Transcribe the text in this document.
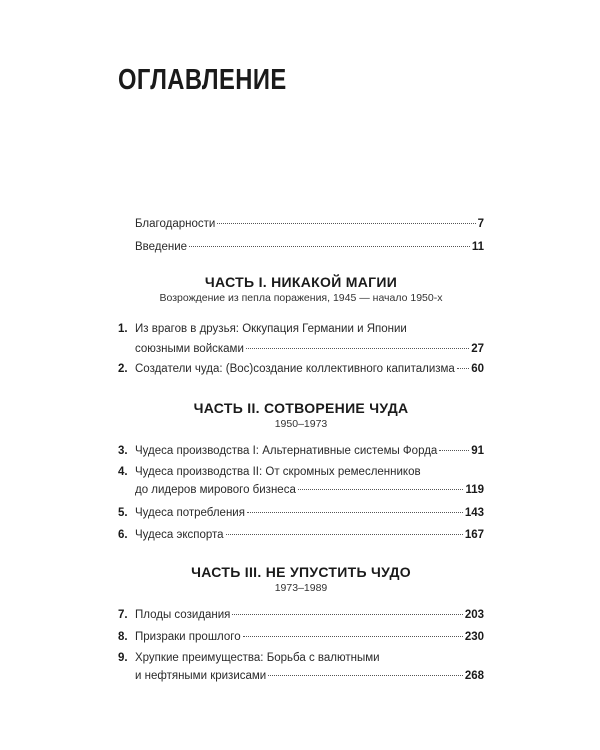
ОГЛАВЛЕНИЕ
Благодарности	7
Введение	11
ЧАСТЬ I. НИКАКОЙ МАГИИ
Возрождение из пепла поражения, 1945 — начало 1950-х
1. Из врагов в друзья: Оккупация Германии и Японии
союзными войсками	27
2. Создатели чуда: (Вос)создание коллективного капитализма 60
ЧАСТЬ II. СОТВОРЕНИЕ ЧУДА
1950–1973
3. Чудеса производства I: Альтернативные системы Форда	91
4. Чудеса производства II: От скромных ремесленников
до лидеров мирового бизнеса	119
5. Чудеса потребления	143
6. Чудеса экспорта	167
ЧАСТЬ III. НЕ УПУСТИТЬ ЧУДО
1973–1989
7. Плоды созидания	203
8. Призраки прошлого	230
9. Хрупкие преимущества: Борьба с валютными
и нефтяными кризисами	268
